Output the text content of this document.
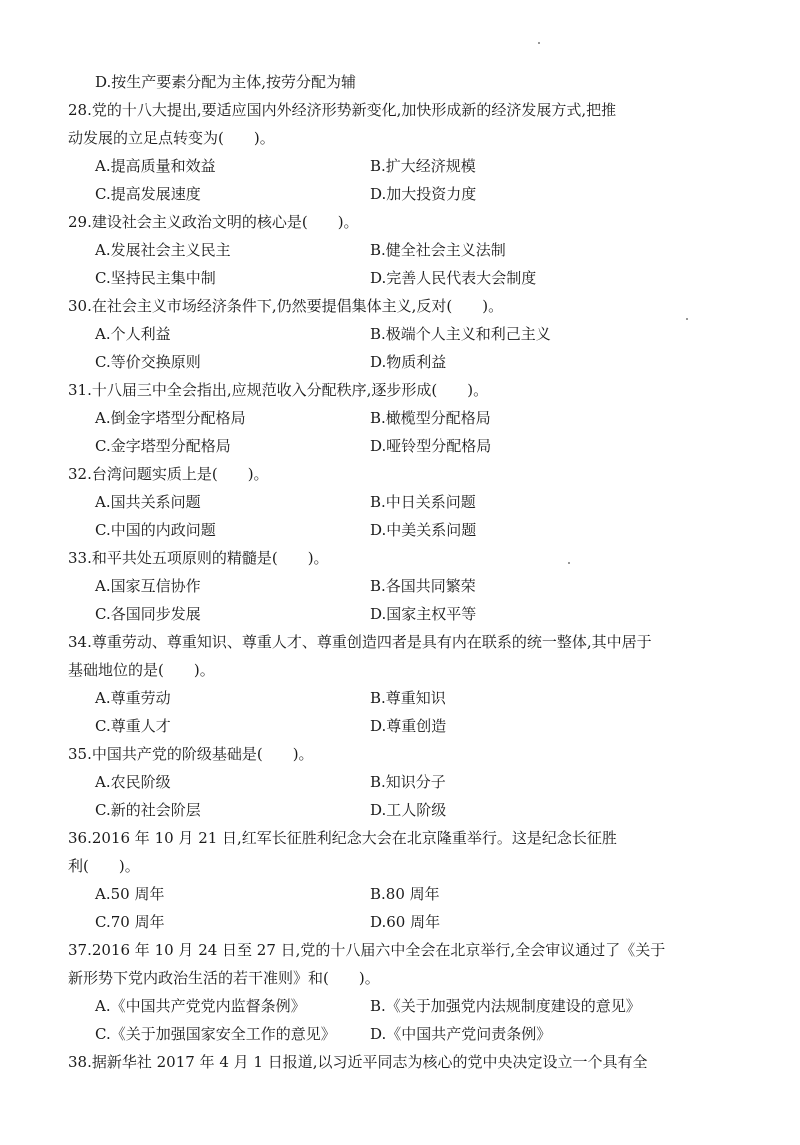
D.按生产要素分配为主体,按劳分配为辅
28.党的十八大提出,要适应国内外经济形势新变化,加快形成新的经济发展方式,把推
动发展的立足点转变为(　　)。
A.提高质量和效益	B.扩大经济规模
C.提高发展速度	D.加大投资力度
29.建设社会主义政治文明的核心是(　　)。
A.发展社会主义民主	B.健全社会主义法制
C.坚持民主集中制	D.完善人民代表大会制度
30.在社会主义市场经济条件下,仍然要提倡集体主义,反对(　　)。
A.个人利益	B.极端个人主义和利己主义
C.等价交换原则	D.物质利益
31.十八届三中全会指出,应规范收入分配秩序,逐步形成(　　)。
A.倒金字塔型分配格局	B.橄榄型分配格局
C.金字塔型分配格局	D.哑铃型分配格局
32.台湾问题实质上是(　　)。
A.国共关系问题	B.中日关系问题
C.中国的内政问题	D.中美关系问题
33.和平共处五项原则的精髓是(　　)。
A.国家互信协作	B.各国共同繁荣
C.各国同步发展	D.国家主权平等
34.尊重劳动、尊重知识、尊重人才、尊重创造四者是具有内在联系的统一整体,其中居于
基础地位的是(　　)。
A.尊重劳动	B.尊重知识
C.尊重人才	D.尊重创造
35.中国共产党的阶级基础是(　　)。
A.农民阶级	B.知识分子
C.新的社会阶层	D.工人阶级
36.2016 年 10 月 21 日,红军长征胜利纪念大会在北京隆重举行。这是纪念长征胜
利(　　)。
A.50 周年	B.80 周年
C.70 周年	D.60 周年
37.2016 年 10 月 24 日至 27 日,党的十八届六中全会在北京举行,全会审议通过了《关于
新形势下党内政治生活的若干准则》和(　　)。
A.《中国共产党党内监督条例》	B.《关于加强党内法规制度建设的意见》
C.《关于加强国家安全工作的意见》 D.《中国共产党问责条例》
38.据新华社 2017 年 4 月 1 日报道,以习近平同志为核心的党中央决定设立一个具有全
